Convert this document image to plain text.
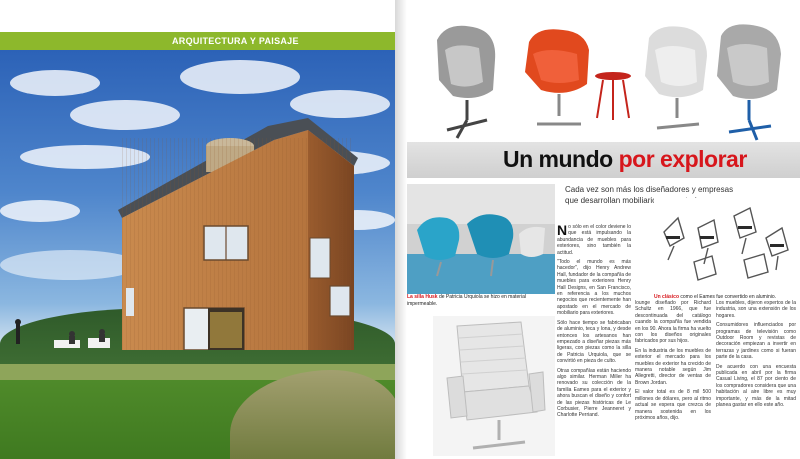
ARQUITECTURA Y PAISAJE
Un mundo por explorar
Cada vez son más los diseñadores y empresas que desarrollan mobiliario para exteriores
La silla Husk de Patricia Urquiola se hizo en material impermeable.
Un clásico como el Eames fue convertido en aluminio.

No sólo en el color deviene lo que está impulsando la abundancia de muebles para exteriores, sino también la actitud.

"Todo el mundo es más hacedor", dijo Henry Andrew Hall, fundador de la compañía de muebles para exteriores Henry Hall Designs, en San Francisco, en referencia a los muchos negocios que recientemente han apostado en el mercado de mobiliario para exteriores.

Sólo hace tiempo se fabricaban de aluminio, teca y lona, y desde entonces los artesanos han empezado a diseñar piezas más ligeras, con piezas como la silla de Patricia Urquiola, que se convirtió en pieza de culto.

Otras compañías están haciendo algo similar. Herman Miller ha renovado su colección de la familia Eames para el exterior y ahora buscan el diseño y confort de las piezas históricas de Le Corbusier, Pierre Jeanneret y Charlotte Perriand.

lounge diseñado por Richard Schultz en 1966, que fue descontinuada del catálogo cuando la compañía fue vendida en los 90. Ahora la firma ha vuelto con los diseños originales fabricados por sus hijos.

En la industria de los muebles de exterior el mercado para los muebles de exterior ha crecido de manera notable según Jim Allegretti, director de ventas de Brown Jordan.

El valor total es de 8 mil 500 millones de dólares, pero al ritmo actual se espera que crezca de manera sostenida en los próximos años, dijo.

Los muebles, dijeron expertos de la industria, son una extensión de los hogares.

Consumidores influenciados por programas de televisión como Outdoor Room y revistas de decoración empiezan a invertir en terrazas y jardines como si fueran parte de la casa.

De acuerdo con una encuesta publicada en abril por la firma Casual Living, el 87 por ciento de los compradores considera que una habitación al aire libre es muy importante, y más de la mitad planea gastar en ello este año.
